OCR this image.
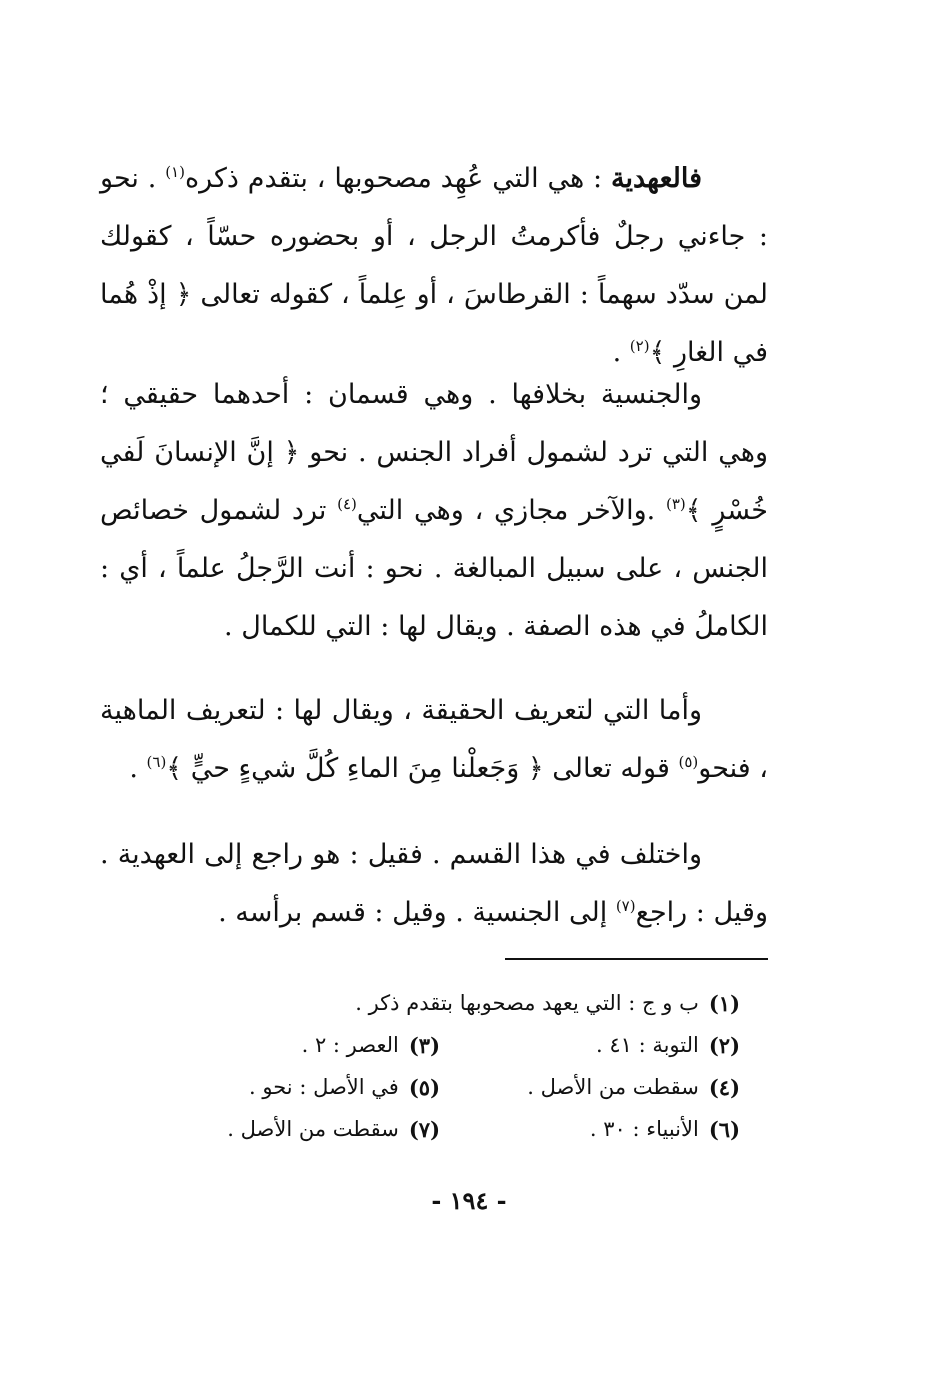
فالعهدية : هي التي عُهِد مصحوبها ، بتقدم ذكره$^{(١)}$ . نحو : جاءني رجلٌ فأكرمتُ الرجل ، أو بحضوره حسّاً ، كقولك لمن سدّد سهماً : القرطاسَ ، أو عِلماً ، كقوله تعالى ﴿ إذْ هُما في الغارِ ﴾$^{(٢)}$ .

والجنسية بخلافها . وهي قسمان : أحدهما حقيقي ؛ وهي التي ترد لشمول أفراد الجنس . نحو ﴿ إنَّ الإنسانَ لَفي خُسْرٍ ﴾$^{(٣)}$ .والآخر مجازي ، وهي التي$^{(٤)}$ ترد لشمول خصائص الجنس ، على سبيل المبالغة . نحو : أنت الرَّجلُ علماً ، أي : الكاملُ في هذه الصفة . ويقال لها : التي للكمال .

وأما التي لتعريف الحقيقة ، ويقال لها : لتعريف الماهية ، فنحو$^{(٥)}$ قوله تعالى ﴿ وَجَعلْنا مِنَ الماءِ كُلَّ شيءٍ حيٍّ ﴾$^{(٦)}$ .

واختلف في هذا القسم . فقيل : هو راجع إلى العهدية . وقيل : راجع$^{(٧)}$ إلى الجنسية . وقيل : قسم برأسه .

(١)
ب و ج : التي يعهد مصحوبها بتقدم ذكر .
(٢)
التوبة : ٤١ .
(٣)
العصر : ٢ .
(٤)
سقطت من الأصل .
(٥)
في الأصل : نحو .
(٦)
الأنبياء : ٣٠ .
(٧)
سقطت من الأصل .
- ١٩٤ -
